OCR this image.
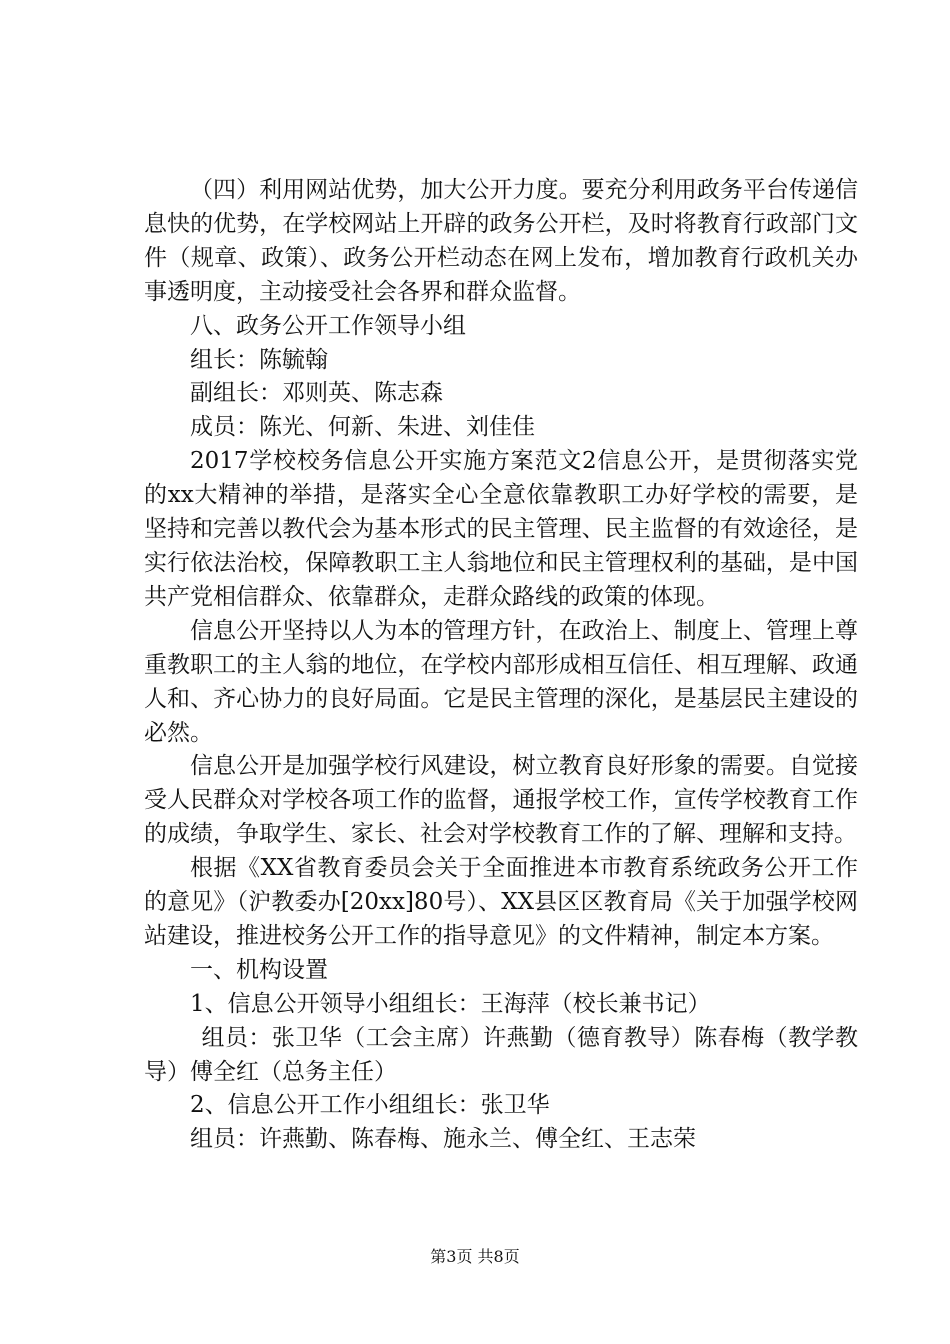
（四）利用网站优势，加大公开力度。要充分利用政务平台传递信息快的优势，在学校网站上开辟的政务公开栏，及时将教育行政部门文件（规章、政策）、政务公开栏动态在网上发布，增加教育行政机关办事透明度，主动接受社会各界和群众监督。

八、政务公开工作领导小组

组长：陈毓翰

副组长：邓则英、陈志森

成员：陈光、何新、朱进、刘佳佳

2017学校校务信息公开实施方案范文2信息公开，是贯彻落实党的xx大精神的举措，是落实全心全意依靠教职工办好学校的需要，是坚持和完善以教代会为基本形式的民主管理、民主监督的有效途径，是实行依法治校，保障教职工主人翁地位和民主管理权利的基础，是中国共产党相信群众、依靠群众，走群众路线的政策的体现。

信息公开坚持以人为本的管理方针，在政治上、制度上、管理上尊重教职工的主人翁的地位，在学校内部形成相互信任、相互理解、政通人和、齐心协力的良好局面。它是民主管理的深化，是基层民主建设的必然。

信息公开是加强学校行风建设，树立教育良好形象的需要。自觉接受人民群众对学校各项工作的监督，通报学校工作，宣传学校教育工作的成绩，争取学生、家长、社会对学校教育工作的了解、理解和支持。

根据《XX省教育委员会关于全面推进本市教育系统政务公开工作的意见》（沪教委办[20xx]80号）、XX县区区教育局《关于加强学校网站建设，推进校务公开工作的指导意见》的文件精神，制定本方案。

一、机构设置

1、信息公开领导小组组长：王海萍（校长兼书记）

组员：张卫华（工会主席）许燕勤（德育教导）陈春梅（教学教导）傅全红（总务主任）

2、信息公开工作小组组长：张卫华

组员：许燕勤、陈春梅、施永兰、傅全红、王志荣

第3页 共8页
